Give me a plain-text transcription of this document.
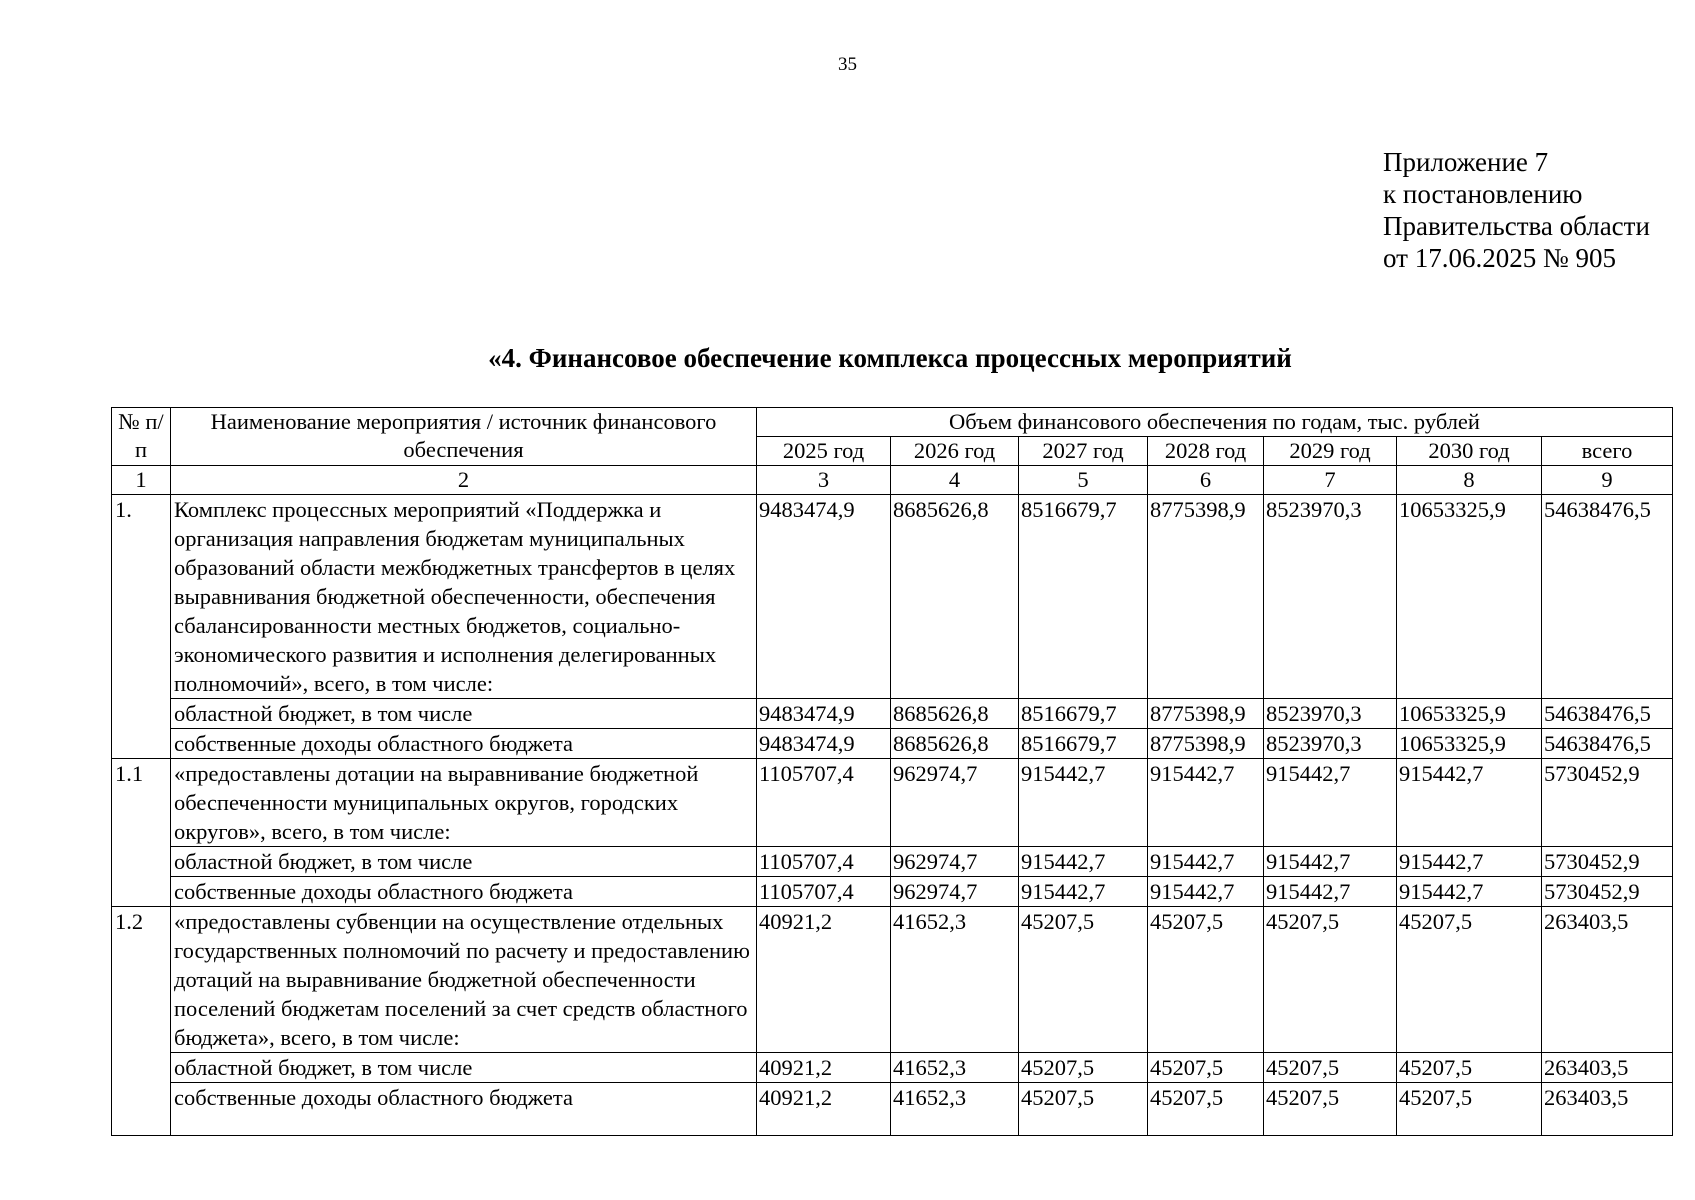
35
Приложение 7
к постановлению
Правительства области
от 17.06.2025 № 905
«4. Финансовое обеспечение комплекса процессных мероприятий
№ п/п	Наименование мероприятия / источник финансового обеспечения	Объем финансового обеспечения по годам, тыс. рублей						
		2025 год	2026 год	2027 год	2028 год	2029 год	2030 год	всего
1	2	3	4	5	6	7	8	9
1.	Комплекс процессных мероприятий «Поддержка и организация направления бюджетам муниципальных образований области межбюджетных трансфертов в целях выравнивания бюджетной обеспеченности, обеспечения сбалансированности местных бюджетов, социально-экономического развития и исполнения делегированных полномочий», всего, в том числе:	9483474,9	8685626,8	8516679,7	8775398,9	8523970,3	10653325,9	54638476,5
	областной бюджет, в том числе	9483474,9	8685626,8	8516679,7	8775398,9	8523970,3	10653325,9	54638476,5
	собственные доходы областного бюджета	9483474,9	8685626,8	8516679,7	8775398,9	8523970,3	10653325,9	54638476,5
1.1	«предоставлены дотации на выравнивание бюджетной обеспеченности муниципальных округов, городских округов», всего, в том числе:	1105707,4	962974,7	915442,7	915442,7	915442,7	915442,7	5730452,9
	областной бюджет, в том числе	1105707,4	962974,7	915442,7	915442,7	915442,7	915442,7	5730452,9
	собственные доходы областного бюджета	1105707,4	962974,7	915442,7	915442,7	915442,7	915442,7	5730452,9
1.2	«предоставлены субвенции на осуществление отдельных государственных полномочий по расчету и предоставлению дотаций на выравнивание бюджетной обеспеченности поселений бюджетам поселений за счет средств областного бюджета», всего, в том числе:	40921,2	41652,3	45207,5	45207,5	45207,5	45207,5	263403,5
	областной бюджет, в том числе	40921,2	41652,3	45207,5	45207,5	45207,5	45207,5	263403,5
	собственные доходы областного бюджета	40921,2	41652,3	45207,5	45207,5	45207,5	45207,5	263403,5
